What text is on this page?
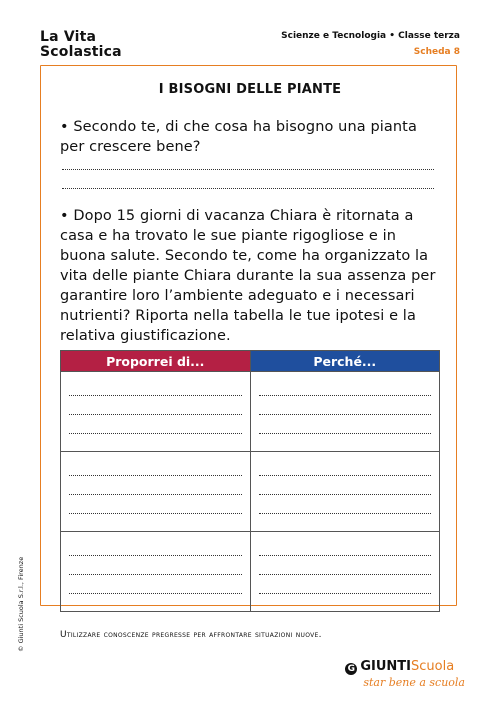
La Vita
Scolastica
Scienze e Tecnologia • Classe terza
Scheda 8
I BISOGNI DELLE PIANTE
• Secondo te, di che cosa ha bisogno una pianta per crescere bene?
• Dopo 15 giorni di vacanza Chiara è ritornata a casa e ha trovato le sue piante rigogliose e in buona salute. Secondo te, come ha organizzato la vita delle piante Chiara durante la sua assenza per garantire loro l’ambiente adeguato e i necessari nutrienti? Riporta nella tabella le tue ipotesi e la relativa giustificazione.
Proporrei di...	Perché...

Utilizzare conoscenze pregresse per affrontare situazioni nuove.
© Giunti Scuola S.r.l., Firenze
G GIUNTIScuola
star bene a scuola
